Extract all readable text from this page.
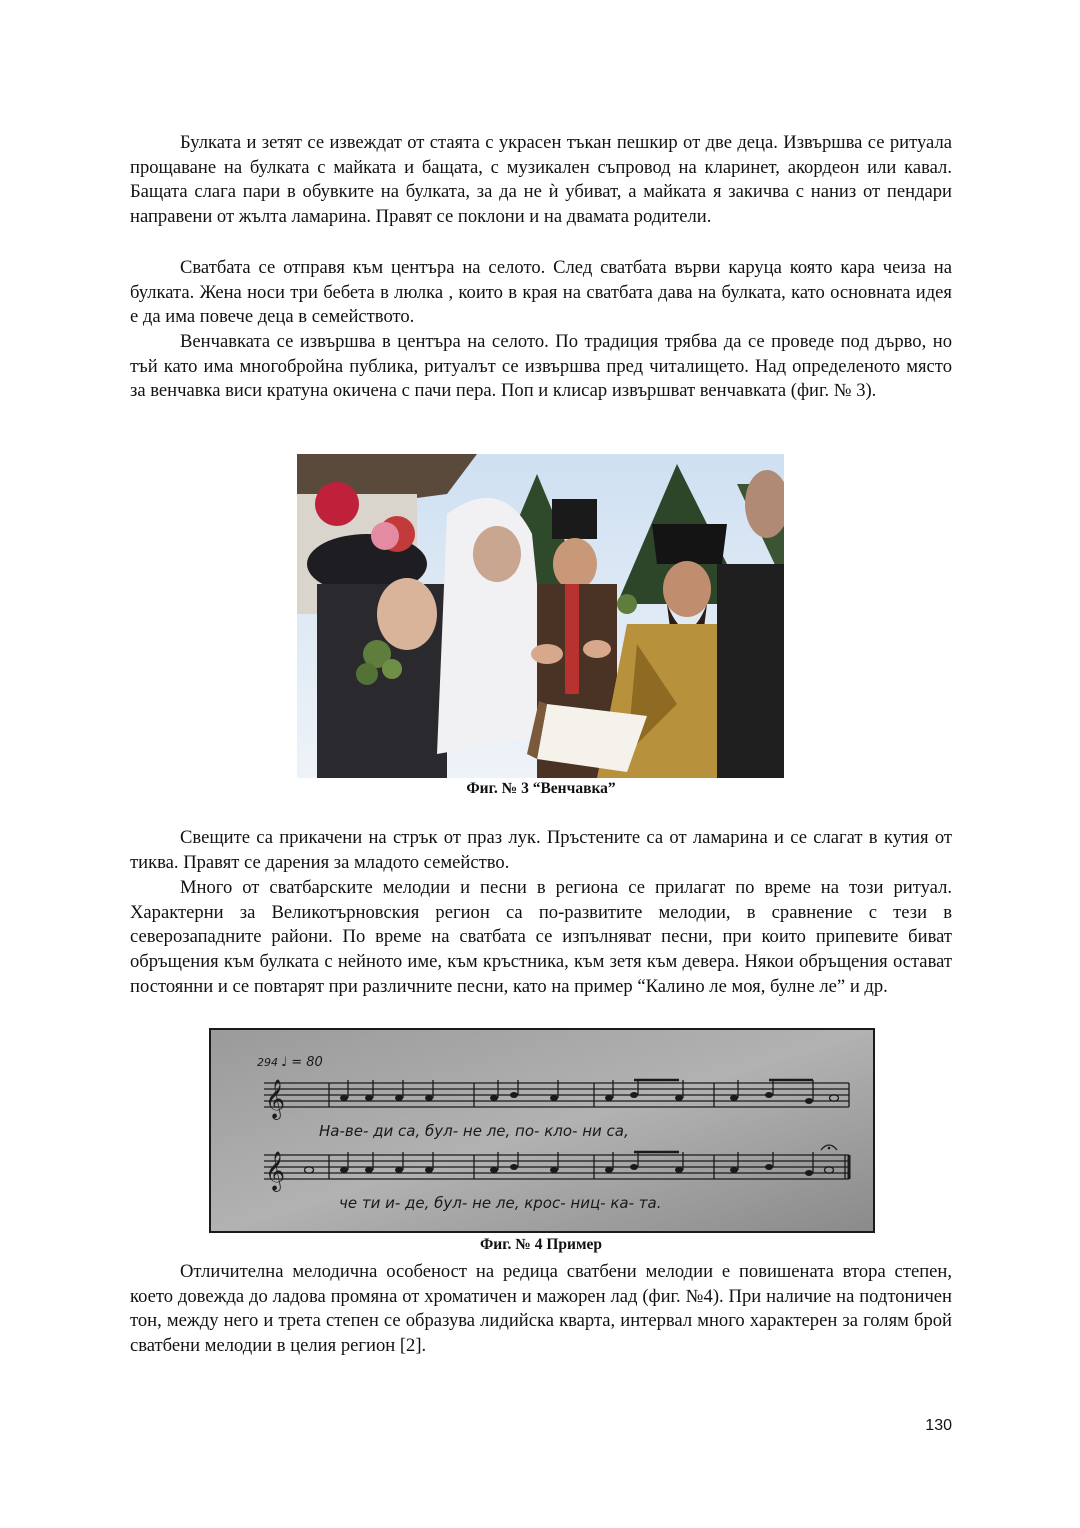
Булката и зетят се извеждат от стаята с украсен тъкан пешкир от две деца. Извършва се ритуала прощаване на булката с майката и бащата, с музикален съпровод на кларинет, акордеон или кавал. Бащата слага пари в обувките на булката, за да не ѝ убиват, а майката я закичва с наниз от пендари направени от жълта ламарина. Правят се поклони и на двамата родители.

Сватбата се отправя към центъра на селото. След сватбата върви каруца която кара чеиза на булката. Жена носи три бебета в люлка , които в края на сватбата дава на булката, като основната идея е да има повече деца в семейството.

Венчавката се извършва в центъра на селото. По традиция трябва да се проведе под дърво, но тъй като има многобройна публика, ритуалът се извършва пред читалището. Над определеното място за венчавка виси кратуна окичена с пачи пера. Поп и клисар извършват венчавката (фиг. № 3).

Фиг. № 3 “Венчавка”

Свещите са прикачени на стрък от праз лук. Пръстените са от ламарина и се слагат в кутия от тиква. Правят се дарения за младото семейство.

Много от сватбарските мелодии и песни в региона се прилагат по време на този ритуал. Характерни за Великотърновския регион са по-развитите мелодии, в сравнение с тези в северозападните райони. По време на сватбата се изпълняват песни, при които припевите биват обръщения към булката с нейното име, към кръстника, към зетя към девера. Някои обръщения остават постоянни и се повтарят при различните песни, като на пример “Калино ле моя, булне ле” и др.

294 ♩ = 80
𝄞
На-ве- ди са, бул- не ле, по- кло- ни са,
𝄞
че ти и- де, бул- не ле, крос- ниц- ка- та.
Фиг. № 4 Пример

Отличителна мелодична особеност на редица сватбени мелодии е повишената втора степен, което довежда до ладова промяна от хроматичен и мажорен лад (фиг. №4). При наличие на подтоничен тон, между него и трета степен се образува лидийска кварта, интервал много характерен за голям брой сватбени мелодии в целия регион [2].

130
